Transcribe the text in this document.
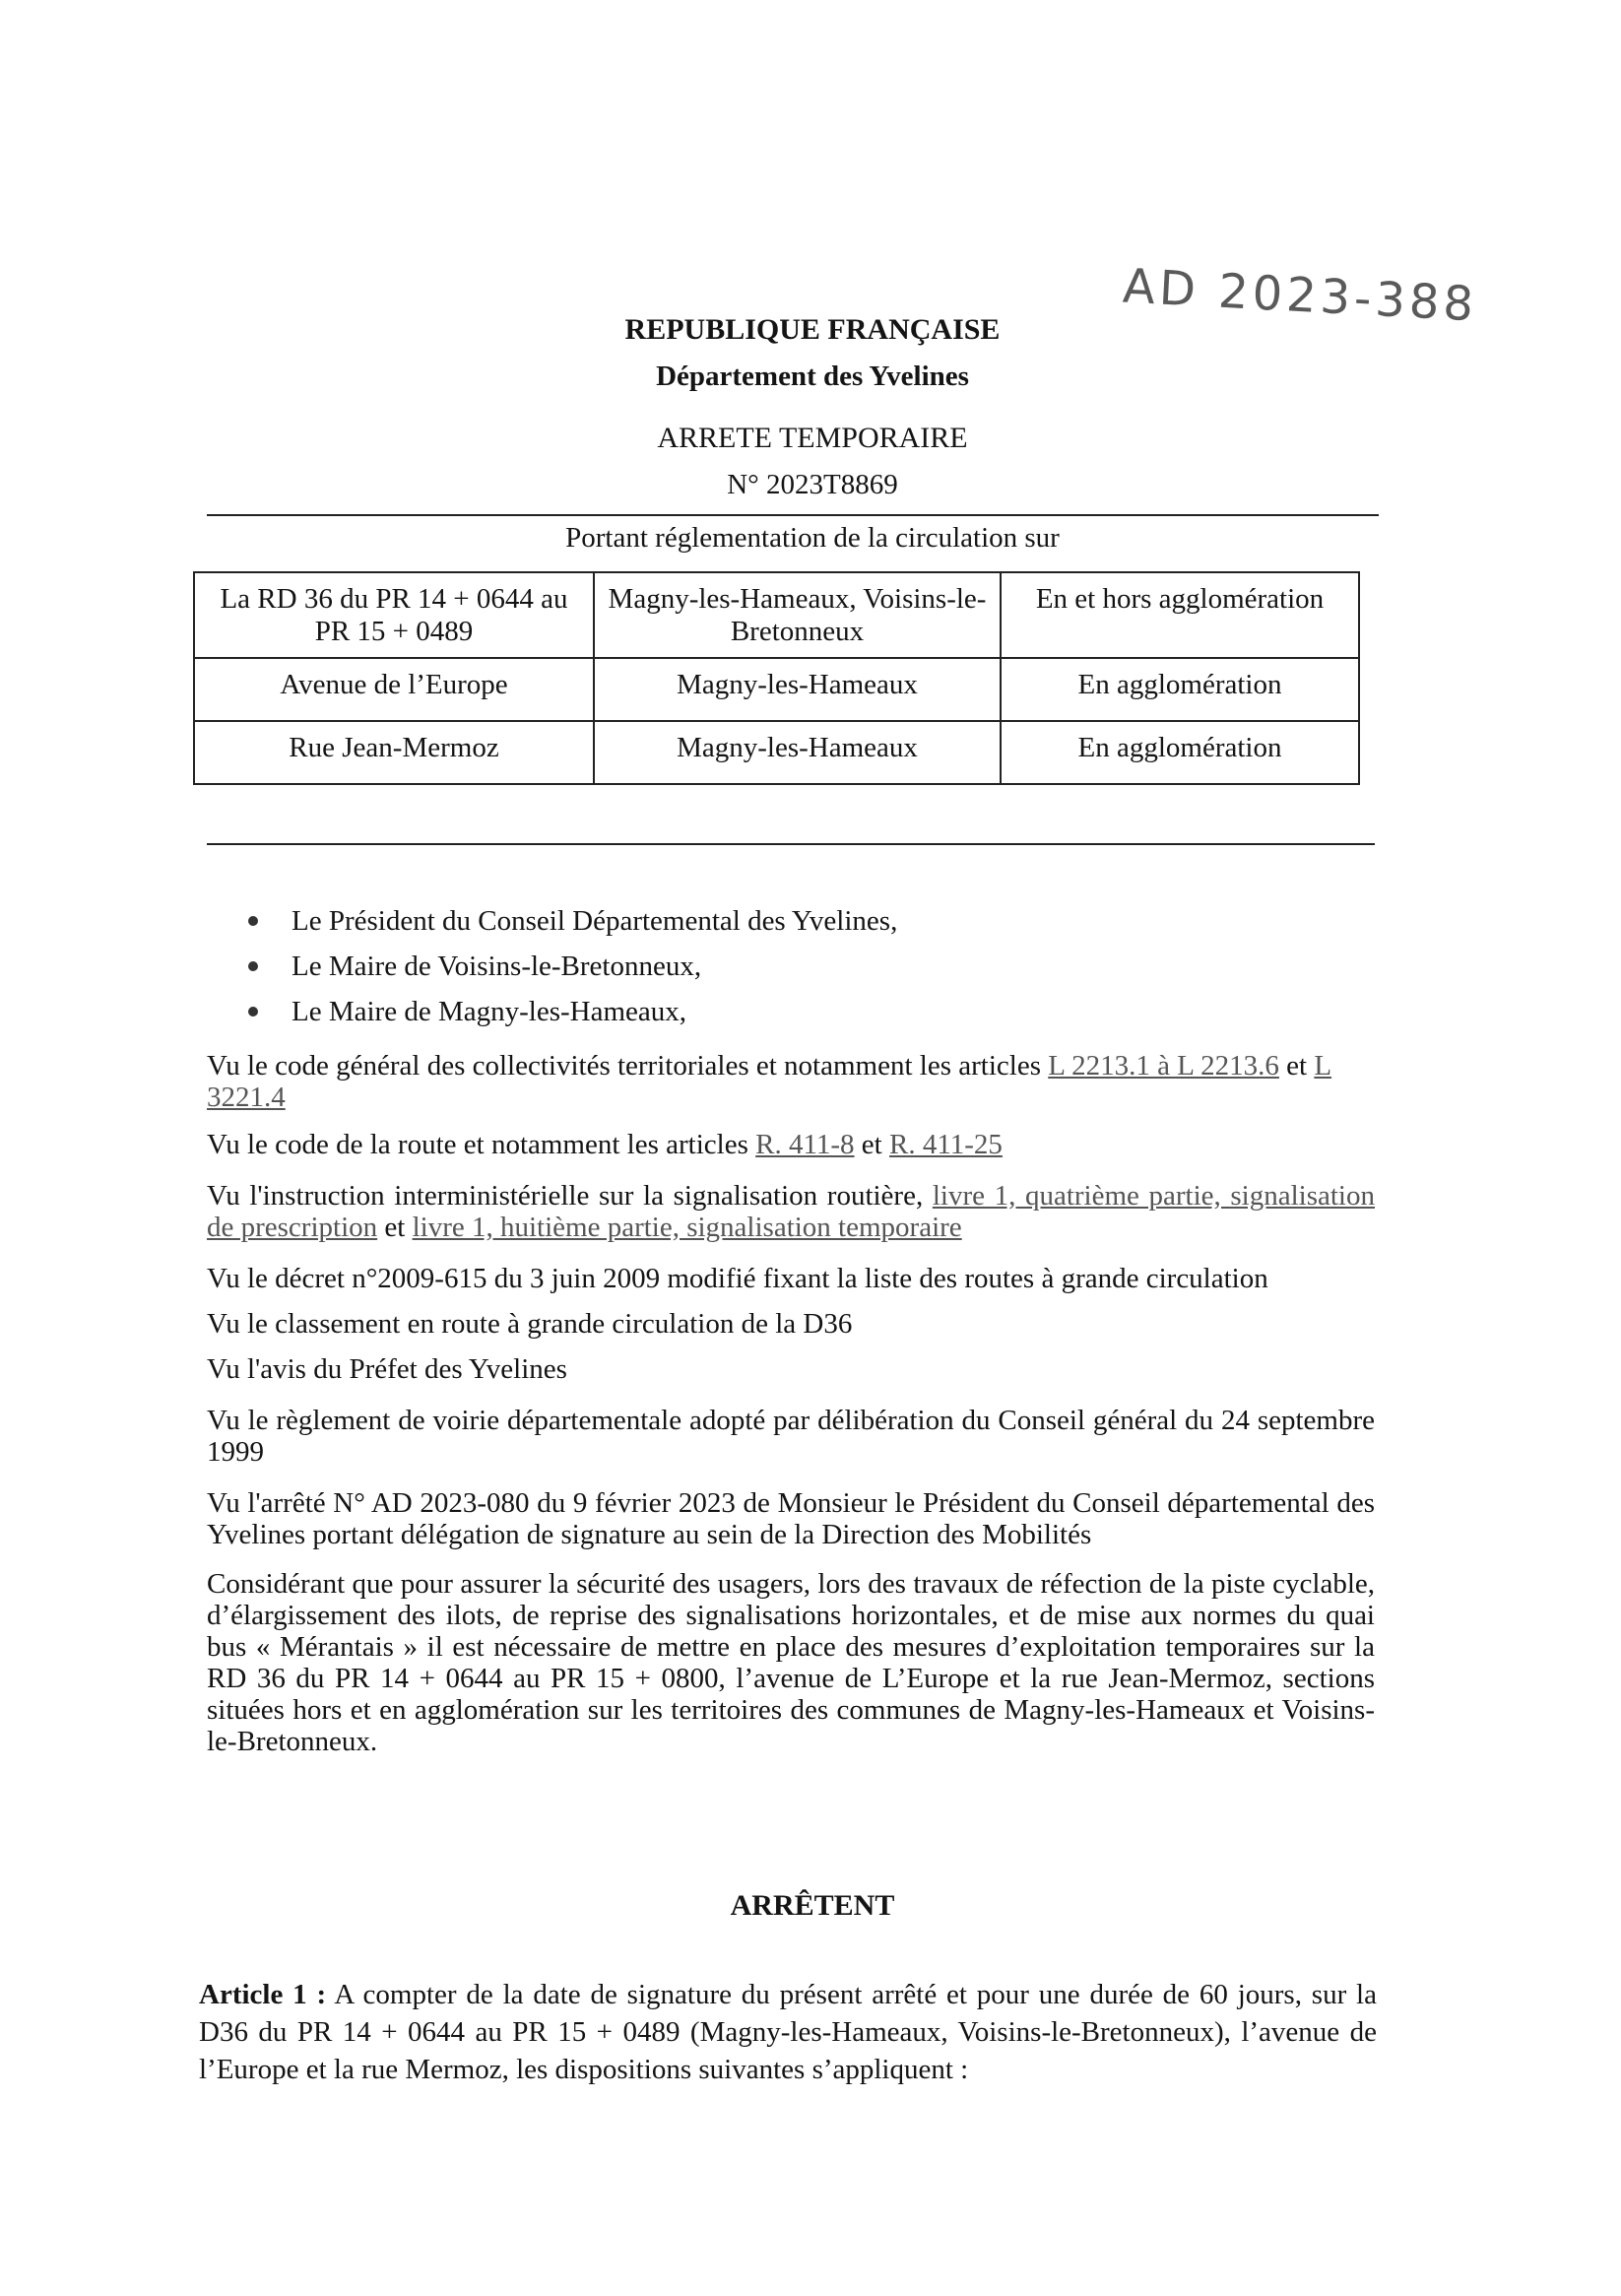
AD 2023-388
REPUBLIQUE FRANÇAISE
Département des Yvelines
ARRETE TEMPORAIRE
N° 2023T8869
Portant réglementation de la circulation sur
La RD 36 du PR 14 + 0644 au PR 15 + 0489	Magny-les-Hameaux, Voisins-le-Bretonneux	En et hors agglomération
Avenue de l’Europe	Magny-les-Hameaux	En agglomération
Rue Jean-Mermoz	Magny-les-Hameaux	En agglomération
Le Président du Conseil Départemental des Yvelines,
Le Maire de Voisins-le-Bretonneux,
Le Maire de Magny-les-Hameaux,
Vu le code général des collectivités territoriales et notamment les articles L 2213.1 à L 2213.6 et L 3221.4
Vu le code de la route et notamment les articles R. 411-8 et R. 411-25
Vu l'instruction interministérielle sur la signalisation routière, livre 1, quatrième partie, signalisation de prescription et livre 1, huitième partie, signalisation temporaire
Vu le décret n°2009-615 du 3 juin 2009 modifié fixant la liste des routes à grande circulation
Vu le classement en route à grande circulation de la D36
Vu l'avis du Préfet des Yvelines
Vu le règlement de voirie départementale adopté par délibération du Conseil général du 24 septembre 1999
Vu l'arrêté N° AD 2023-080 du 9 février 2023 de Monsieur le Président du Conseil départemental des Yvelines portant délégation de signature au sein de la Direction des Mobilités
Considérant que pour assurer la sécurité des usagers, lors des travaux de réfection de la piste cyclable, d’élargissement des ilots, de reprise des signalisations horizontales, et de mise aux normes du quai bus « Mérantais » il est nécessaire de mettre en place des mesures d’exploitation temporaires sur la RD 36 du PR 14 + 0644 au PR 15 + 0800, l’avenue de L’Europe et la rue Jean-Mermoz, sections situées hors et en agglomération sur les territoires des communes de Magny-les-Hameaux et Voisins-le-Bretonneux.
ARRÊTENT
Article 1 : A compter de la date de signature du présent arrêté et pour une durée de 60 jours, sur la D36 du PR 14 + 0644 au PR 15 + 0489 (Magny-les-Hameaux, Voisins-le-Bretonneux), l’avenue de l’Europe et la rue Mermoz, les dispositions suivantes s’appliquent :
